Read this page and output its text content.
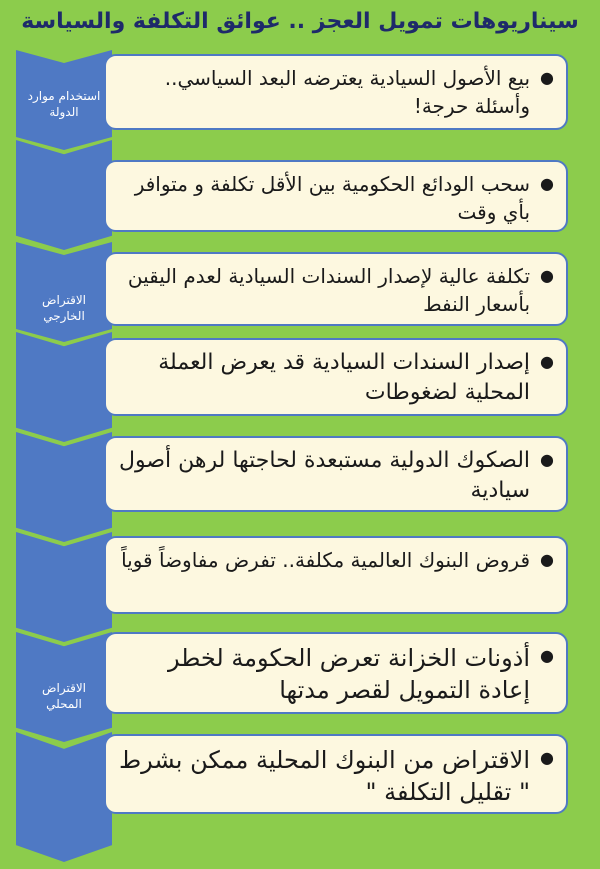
سيناريوهات تمويل العجز .. عوائق التكلفة والسياسة
استخدام موارد الدولة
الاقتراض الخارجي
الاقتراض المحلي
●
بيع الأصول السيادية يعترضه البعد السياسي.. وأسئلة حرجة!
●
سحب الودائع الحكومية بين الأقل تكلفة و متوافر بأي وقت
●
تكلفة عالية لإصدار السندات السيادية لعدم اليقين بأسعار النفط
●
إصدار السندات السيادية قد يعرض العملة المحلية لضغوطات
●
الصكوك الدولية مستبعدة لحاجتها لرهن أصول سيادية
●
قروض البنوك العالمية مكلفة.. تفرض مفاوضاً قوياً
●
أذونات الخزانة تعرض الحكومة لخطر إعادة التمويل لقصر مدتها
●
الاقتراض من البنوك المحلية ممكن بشرط " تقليل التكلفة "
